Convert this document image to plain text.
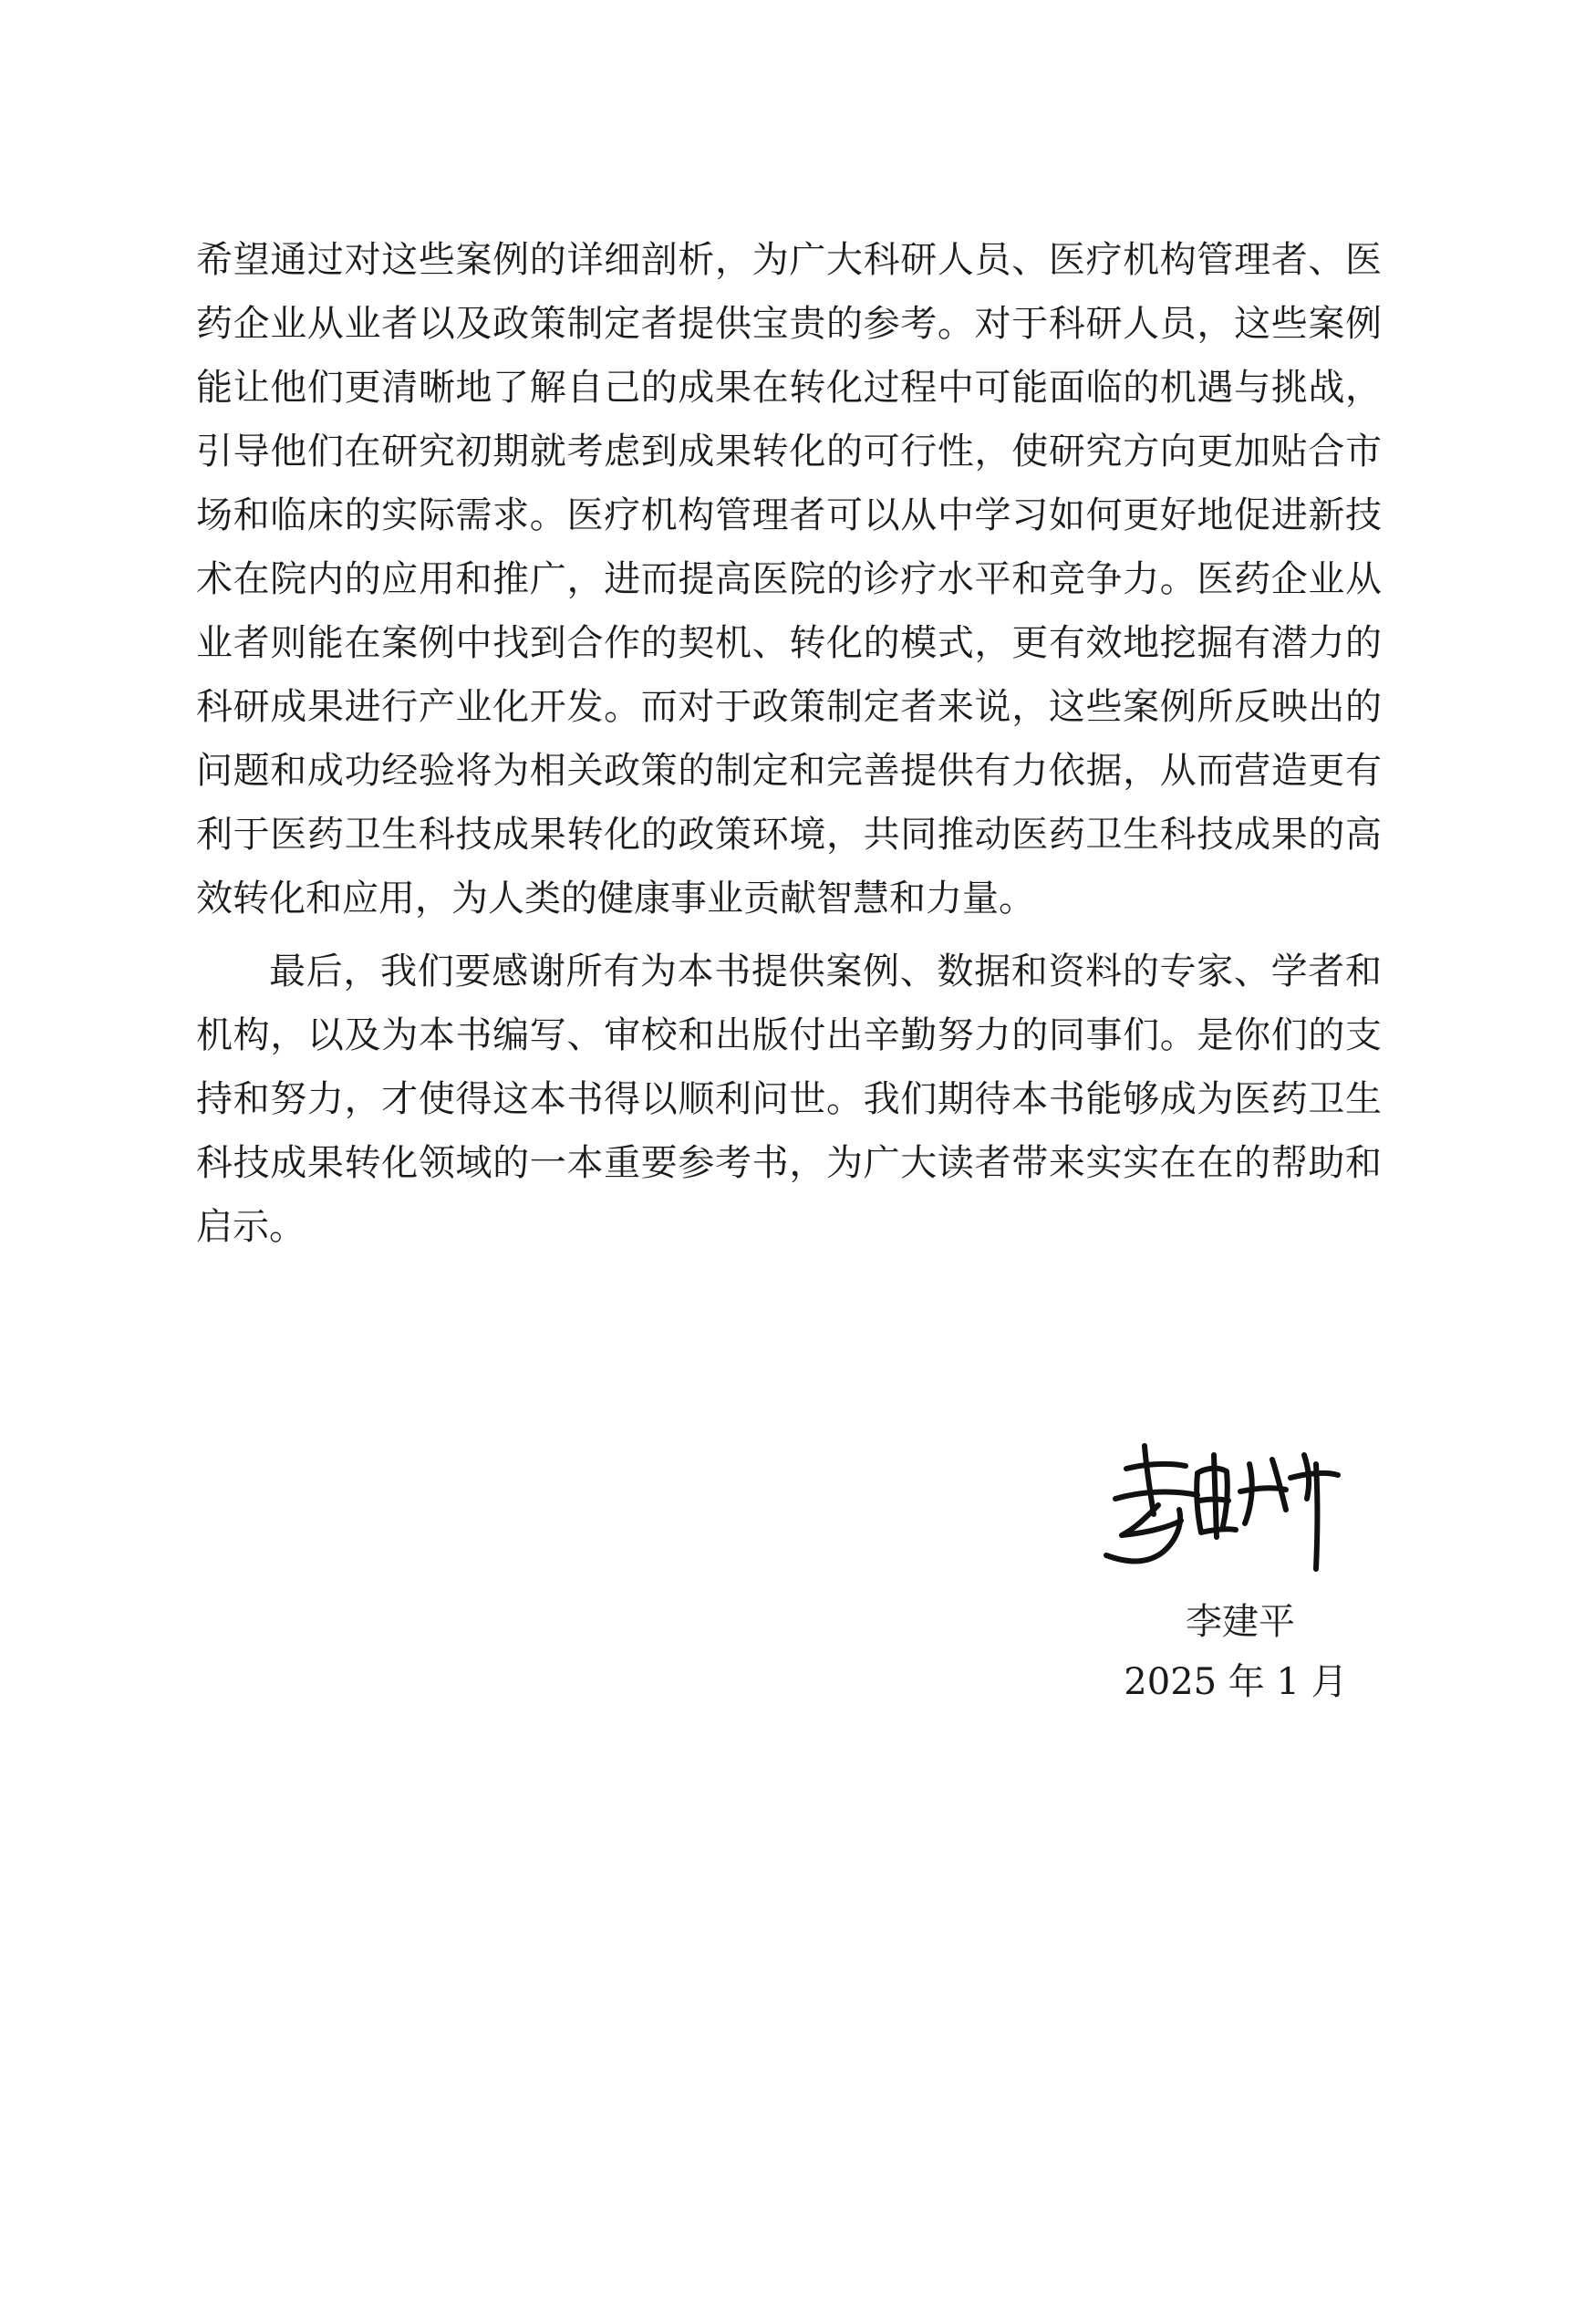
希望通过对这些案例的详细剖析，为广大科研人员、医疗机构管理者、医药企业从业者以及政策制定者提供宝贵的参考。对于科研人员，这些案例能让他们更清晰地了解自己的成果在转化过程中可能面临的机遇与挑战，引导他们在研究初期就考虑到成果转化的可行性，使研究方向更加贴合市场和临床的实际需求。医疗机构管理者可以从中学习如何更好地促进新技术在院内的应用和推广，进而提高医院的诊疗水平和竞争力。医药企业从业者则能在案例中找到合作的契机、转化的模式，更有效地挖掘有潜力的科研成果进行产业化开发。而对于政策制定者来说，这些案例所反映出的问题和成功经验将为相关政策的制定和完善提供有力依据，从而营造更有利于医药卫生科技成果转化的政策环境，共同推动医药卫生科技成果的高效转化和应用，为人类的健康事业贡献智慧和力量。

最后，我们要感谢所有为本书提供案例、数据和资料的专家、学者和机构，以及为本书编写、审校和出版付出辛勤努力的同事们。是你们的支持和努力，才使得这本书得以顺利问世。我们期待本书能够成为医药卫生科技成果转化领域的一本重要参考书，为广大读者带来实实在在的帮助和启示。

李建平
2025 年 1 月
